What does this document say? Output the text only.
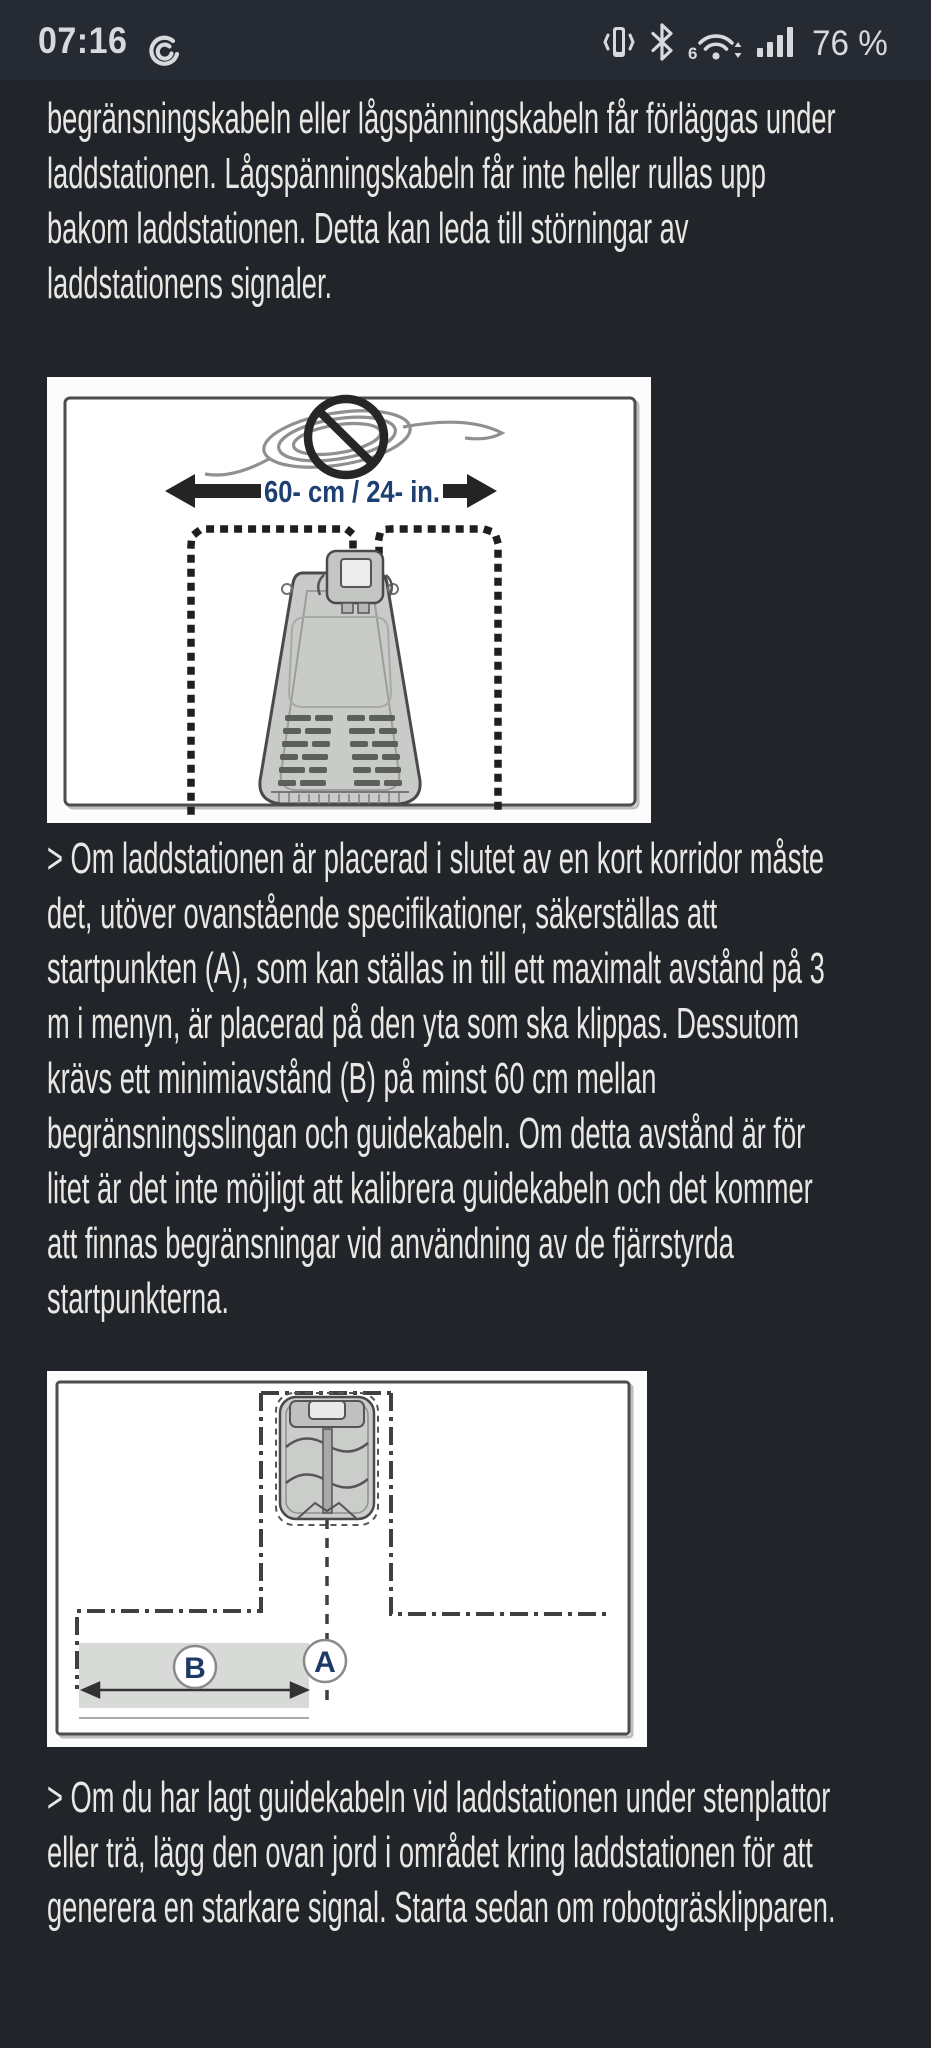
07:16	6	76 %
begränsningskabeln eller lågspänningskabeln får förläggas under
laddstationen. Lågspänningskabeln får inte heller rullas upp
bakom laddstationen. Detta kan leda till störningar av
laddstationens signaler.
60- cm / 24- in.
> Om laddstationen är placerad i slutet av en kort korridor måste
det, utöver ovanstående specifikationer, säkerställas att
startpunkten (A), som kan ställas in till ett maximalt avstånd på 3
m i menyn, är placerad på den yta som ska klippas. Dessutom
krävs ett minimiavstånd (B) på minst 60 cm mellan
begränsningsslingan och guidekabeln. Om detta avstånd är för
litet är det inte möjligt att kalibrera guidekabeln och det kommer
att finnas begränsningar vid användning av de fjärrstyrda
startpunkterna.
B	A
> Om du har lagt guidekabeln vid laddstationen under stenplattor
eller trä, lägg den ovan jord i området kring laddstationen för att
generera en starkare signal. Starta sedan om robotgräsklipparen.
